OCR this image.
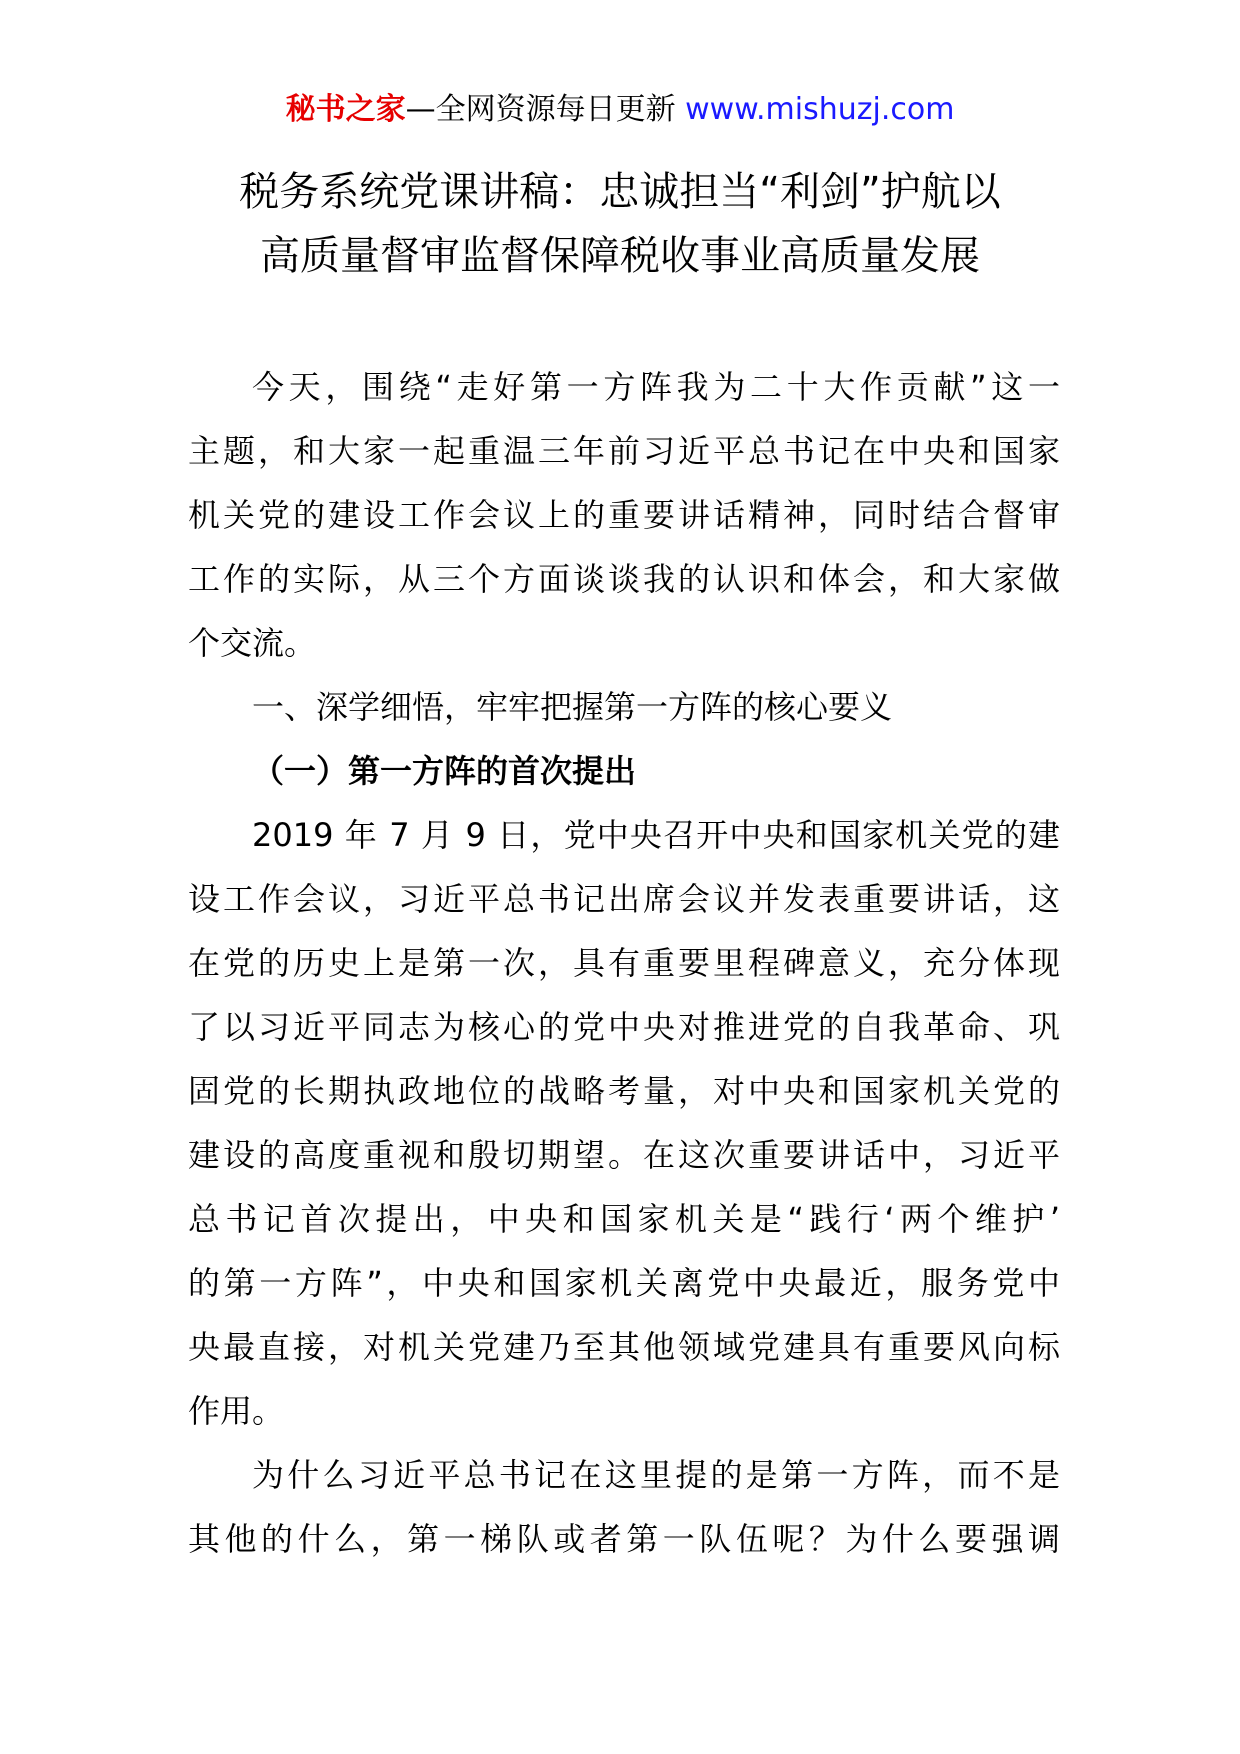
秘书之家—全网资源每日更新 www.mishuzj.com
税务系统党课讲稿：忠诚担当“利剑”护航以
高质量督审监督保障税收事业高质量发展
今天，围绕“走好第一方阵我为二十大作贡献”这一
主题，和大家一起重温三年前习近平总书记在中央和国家
机关党的建设工作会议上的重要讲话精神，同时结合督审
工作的实际，从三个方面谈谈我的认识和体会，和大家做
个交流。
一、深学细悟，牢牢把握第一方阵的核心要义
（一）第一方阵的首次提出
2019 年 7 月 9 日，党中央召开中央和国家机关党的建
设工作会议，习近平总书记出席会议并发表重要讲话，这
在党的历史上是第一次，具有重要里程碑意义，充分体现
了以习近平同志为核心的党中央对推进党的自我革命、巩
固党的长期执政地位的战略考量，对中央和国家机关党的
建设的高度重视和殷切期望。在这次重要讲话中，习近平
总书记首次提出，中央和国家机关是“践行‘两个维护’
的第一方阵”，中央和国家机关离党中央最近，服务党中
央最直接，对机关党建乃至其他领域党建具有重要风向标
作用。
为什么习近平总书记在这里提的是第一方阵，而不是
其他的什么，第一梯队或者第一队伍呢？为什么要强调
